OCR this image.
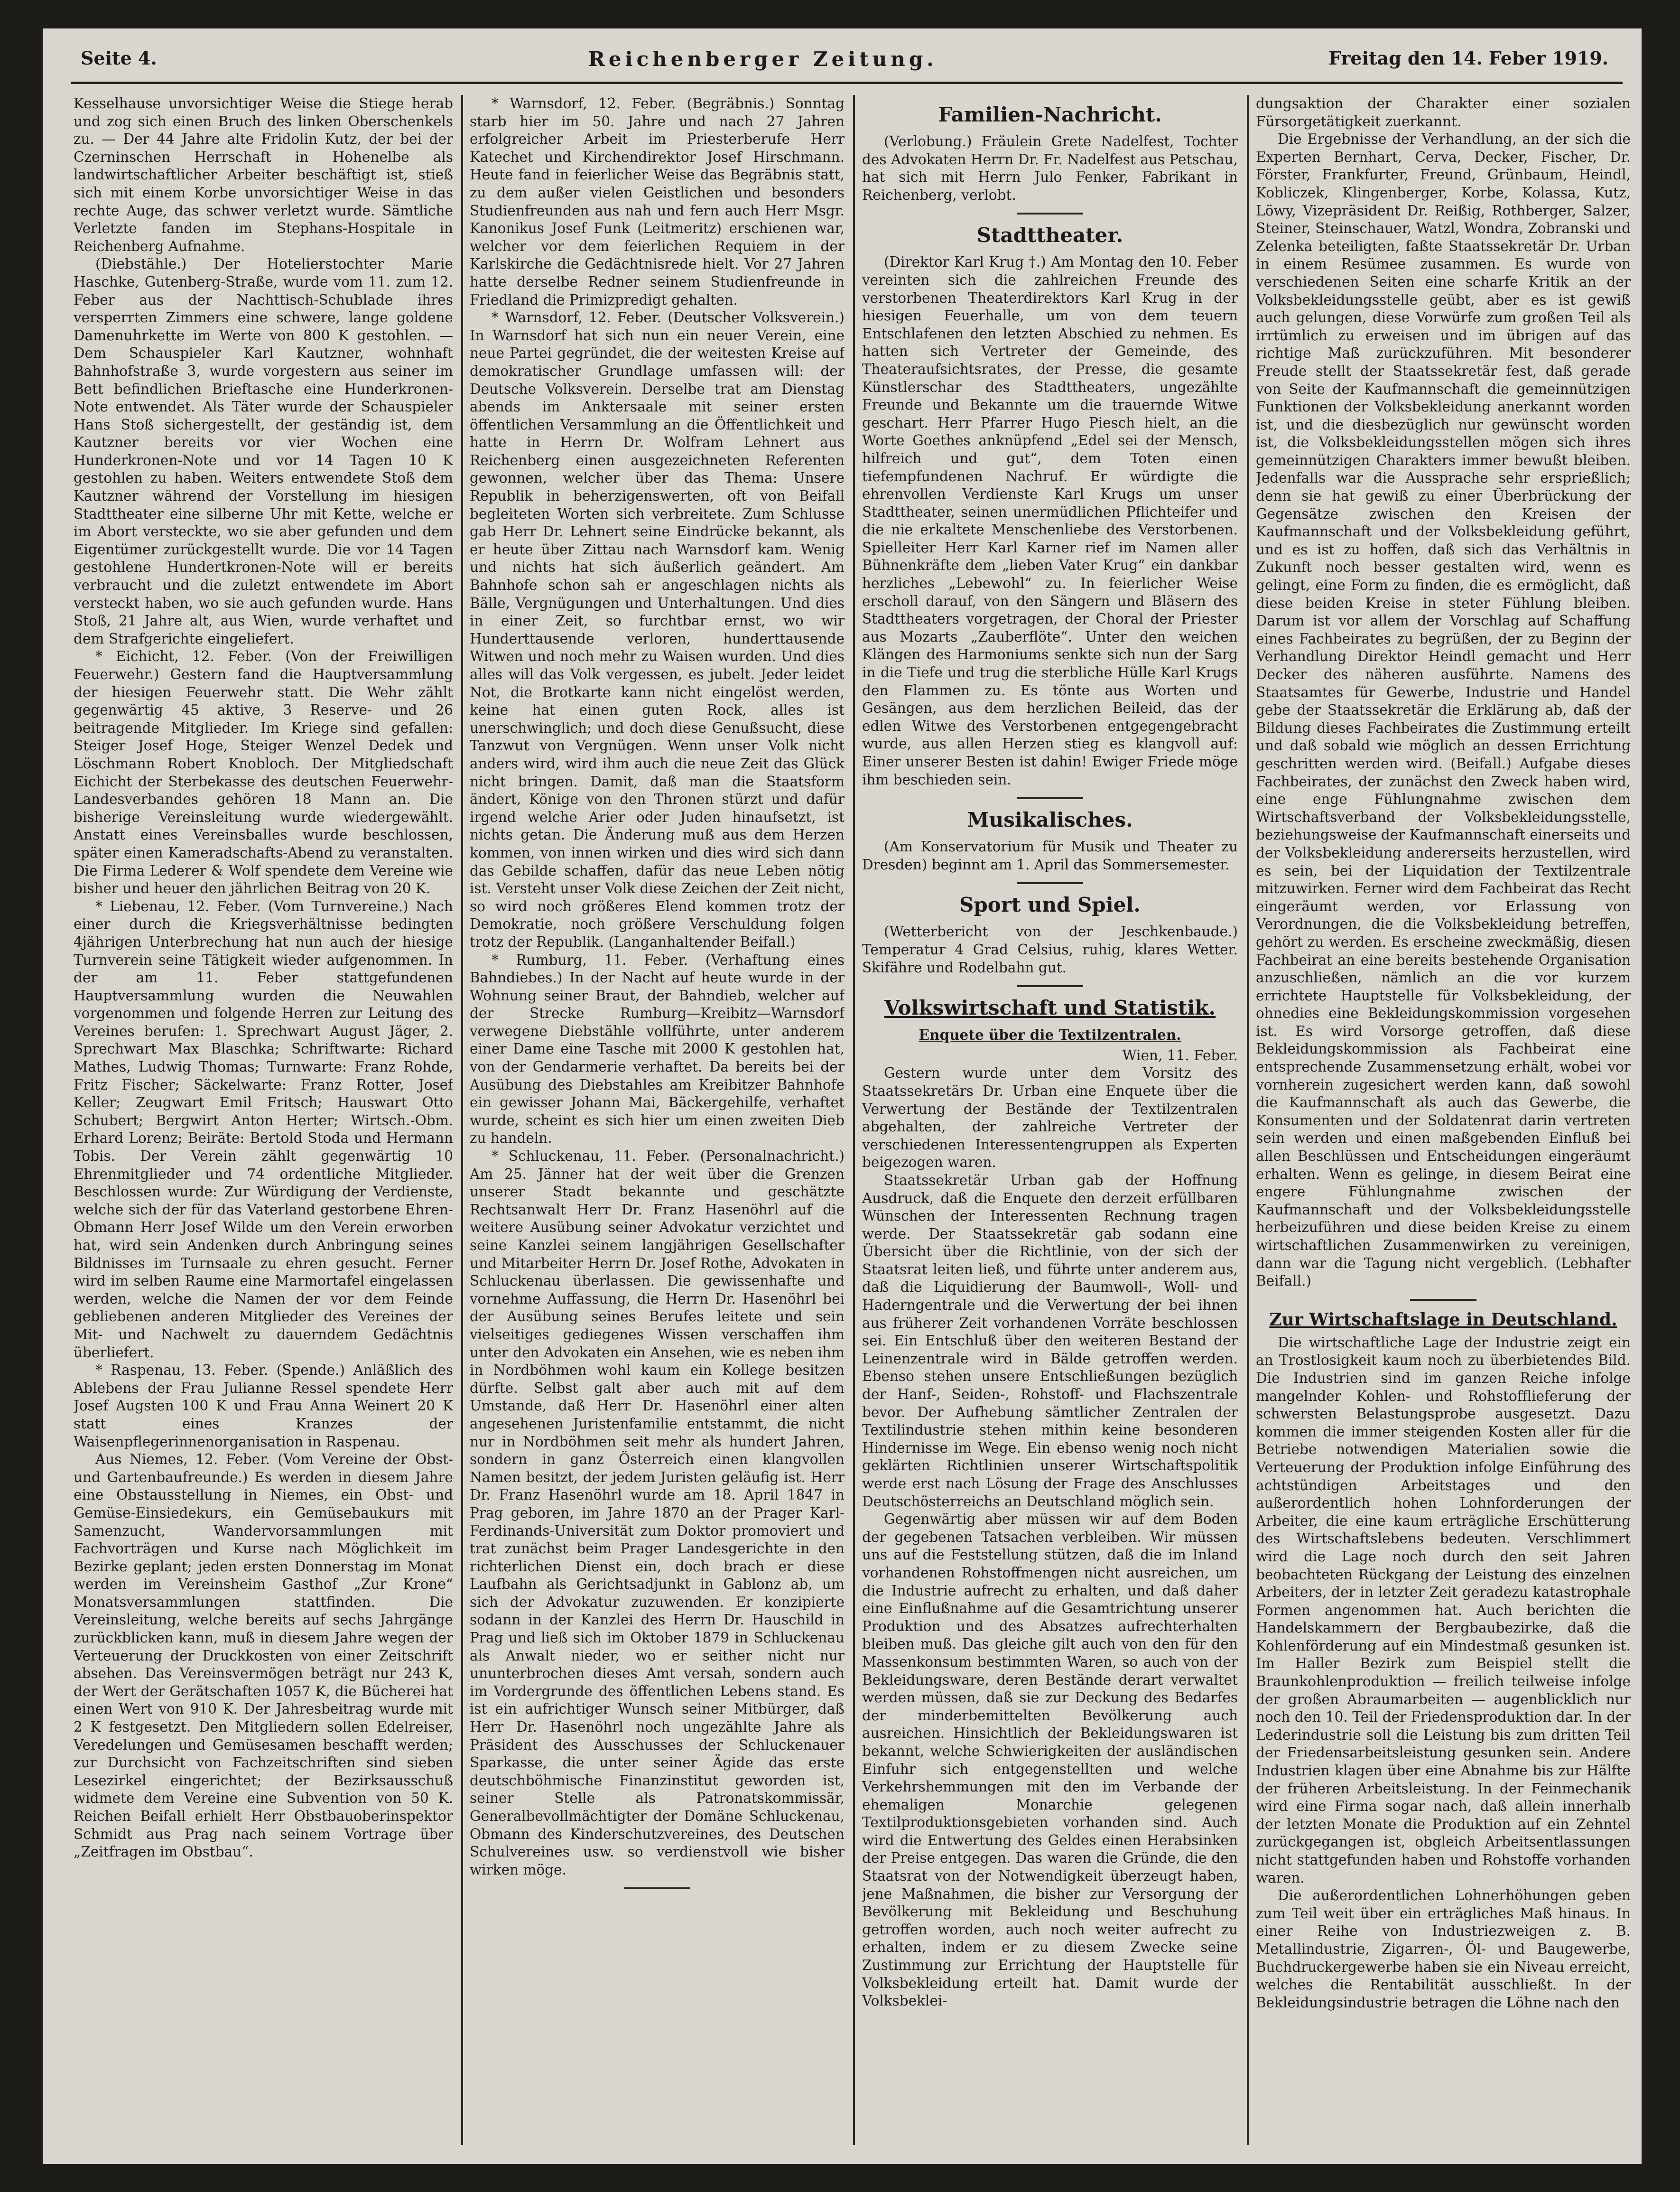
Seite 4.	Reichenberger Zeitung.	Freitag den 14. Feber 1919.

Kesselhause unvorsichtiger Weise die Stiege herab und zog sich einen Bruch des linken Oberschenkels zu. — Der 44 Jahre alte Fridolin Kutz, der bei der Czerninschen Herrschaft in Hohenelbe als landwirtschaftlicher Arbeiter beschäftigt ist, stieß sich mit einem Korbe unvorsichtiger Weise in das rechte Auge, das schwer verletzt wurde. Sämtliche Verletzte fanden im Stephans-Hospitale in Reichenberg Aufnahme.

(Diebstähle.) Der Hotelierstochter Marie Haschke, Gutenberg-Straße, wurde vom 11. zum 12. Feber aus der Nachttisch-Schublade ihres versperrten Zimmers eine schwere, lange goldene Damenuhrkette im Werte von 800 K gestohlen. — Dem Schauspieler Karl Kautzner, wohnhaft Bahnhofstraße 3, wurde vorgestern aus seiner im Bett befindlichen Brieftasche eine Hunderkronen-Note entwendet. Als Täter wurde der Schauspieler Hans Stoß sichergestellt, der geständig ist, dem Kautzner bereits vor vier Wochen eine Hunderkronen-Note und vor 14 Tagen 10 K gestohlen zu haben. Weiters entwendete Stoß dem Kautzner während der Vorstellung im hiesigen Stadttheater eine silberne Uhr mit Kette, welche er im Abort versteckte, wo sie aber gefunden und dem Eigentümer zurückgestellt wurde. Die vor 14 Tagen gestohlene Hundertkronen-Note will er bereits verbraucht und die zuletzt entwendete im Abort versteckt haben, wo sie auch gefunden wurde. Hans Stoß, 21 Jahre alt, aus Wien, wurde verhaftet und dem Strafgerichte eingeliefert.

* Eichicht, 12. Feber. (Von der Freiwilligen Feuerwehr.) Gestern fand die Hauptversammlung der hiesigen Feuerwehr statt. Die Wehr zählt gegenwärtig 45 aktive, 3 Reserve- und 26 beitragende Mitglieder. Im Kriege sind gefallen: Steiger Josef Hoge, Steiger Wenzel Dedek und Löschmann Robert Knobloch. Der Mitgliedschaft Eichicht der Sterbekasse des deutschen Feuerwehr-Landesverbandes gehören 18 Mann an. Die bisherige Vereinsleitung wurde wiedergewählt. Anstatt eines Vereinsballes wurde beschlossen, später einen Kameradschafts-Abend zu veranstalten. Die Firma Lederer & Wolf spendete dem Vereine wie bisher und heuer den jährlichen Beitrag von 20 K.

* Liebenau, 12. Feber. (Vom Turnvereine.) Nach einer durch die Kriegsverhältnisse bedingten 4jährigen Unterbrechung hat nun auch der hiesige Turnverein seine Tätigkeit wieder aufgenommen. In der am 11. Feber stattgefundenen Hauptversammlung wurden die Neuwahlen vorgenommen und folgende Herren zur Leitung des Vereines berufen: 1. Sprechwart August Jäger, 2. Sprechwart Max Blaschka; Schriftwarte: Richard Mathes, Ludwig Thomas; Turnwarte: Franz Rohde, Fritz Fischer; Säckelwarte: Franz Rotter, Josef Keller; Zeugwart Emil Fritsch; Hauswart Otto Schubert; Bergwirt Anton Herter; Wirtsch.-Obm. Erhard Lorenz; Beiräte: Bertold Stoda und Hermann Tobis. Der Verein zählt gegenwärtig 10 Ehrenmitglieder und 74 ordentliche Mitglieder. Beschlossen wurde: Zur Würdigung der Verdienste, welche sich der für das Vaterland gestorbene Ehren-Obmann Herr Josef Wilde um den Verein erworben hat, wird sein Andenken durch Anbringung seines Bildnisses im Turnsaale zu ehren gesucht. Ferner wird im selben Raume eine Marmortafel eingelassen werden, welche die Namen der vor dem Feinde gebliebenen anderen Mitglieder des Vereines der Mit- und Nachwelt zu dauerndem Gedächtnis überliefert.

* Raspenau, 13. Feber. (Spende.) Anläßlich des Ablebens der Frau Julianne Ressel spendete Herr Josef Augsten 100 K und Frau Anna Weinert 20 K statt eines Kranzes der Waisenpflegerinnenorganisation in Raspenau.

Aus Niemes, 12. Feber. (Vom Vereine der Obst- und Gartenbaufreunde.) Es werden in diesem Jahre eine Obstausstellung in Niemes, ein Obst- und Gemüse-Einsiedekurs, ein Gemüsebaukurs mit Samenzucht, Wandervorsammlungen mit Fachvorträgen und Kurse nach Möglichkeit im Bezirke geplant; jeden ersten Donnerstag im Monat werden im Vereinsheim Gasthof „Zur Krone“ Monatsversammlungen stattfinden. Die Vereinsleitung, welche bereits auf sechs Jahrgänge zurückblicken kann, muß in diesem Jahre wegen der Verteuerung der Druckkosten von einer Zeitschrift absehen. Das Vereinsvermögen beträgt nur 243 K, der Wert der Gerätschaften 1057 K, die Bücherei hat einen Wert von 910 K. Der Jahresbeitrag wurde mit 2 K festgesetzt. Den Mitgliedern sollen Edelreiser, Veredelungen und Gemüsesamen beschafft werden; zur Durchsicht von Fachzeitschriften sind sieben Lesezirkel eingerichtet; der Bezirksausschuß widmete dem Vereine eine Subvention von 50 K. Reichen Beifall erhielt Herr Obstbauoberinspektor Schmidt aus Prag nach seinem Vortrage über „Zeitfragen im Obstbau“.

* Warnsdorf, 12. Feber. (Begräbnis.) Sonntag starb hier im 50. Jahre und nach 27 Jahren erfolgreicher Arbeit im Priesterberufe Herr Katechet und Kirchendirektor Josef Hirschmann. Heute fand in feierlicher Weise das Begräbnis statt, zu dem außer vielen Geistlichen und besonders Studienfreunden aus nah und fern auch Herr Msgr. Kanonikus Josef Funk (Leitmeritz) erschienen war, welcher vor dem feierlichen Requiem in der Karlskirche die Gedächtnisrede hielt. Vor 27 Jahren hatte derselbe Redner seinem Studienfreunde in Friedland die Primizpredigt gehalten.

* Warnsdorf, 12. Feber. (Deutscher Volksverein.) In Warnsdorf hat sich nun ein neuer Verein, eine neue Partei gegründet, die der weitesten Kreise auf demokratischer Grundlage umfassen will: der Deutsche Volksverein. Derselbe trat am Dienstag abends im Anktersaale mit seiner ersten öffentlichen Versammlung an die Öffentlichkeit und hatte in Herrn Dr. Wolfram Lehnert aus Reichenberg einen ausgezeichneten Referenten gewonnen, welcher über das Thema: Unsere Republik in beherzigenswerten, oft von Beifall begleiteten Worten sich verbreitete. Zum Schlusse gab Herr Dr. Lehnert seine Eindrücke bekannt, als er heute über Zittau nach Warnsdorf kam. Wenig und nichts hat sich äußerlich geändert. Am Bahnhofe schon sah er angeschlagen nichts als Bälle, Vergnügungen und Unterhaltungen. Und dies in einer Zeit, so furchtbar ernst, wo wir Hunderttausende verloren, hunderttausende Witwen und noch mehr zu Waisen wurden. Und dies alles will das Volk vergessen, es jubelt. Jeder leidet Not, die Brotkarte kann nicht eingelöst werden, keine hat einen guten Rock, alles ist unerschwinglich; und doch diese Genußsucht, diese Tanzwut von Vergnügen. Wenn unser Volk nicht anders wird, wird ihm auch die neue Zeit das Glück nicht bringen. Damit, daß man die Staatsform ändert, Könige von den Thronen stürzt und dafür irgend welche Arier oder Juden hinaufsetzt, ist nichts getan. Die Änderung muß aus dem Herzen kommen, von innen wirken und dies wird sich dann das Gebilde schaffen, dafür das neue Leben nötig ist. Versteht unser Volk diese Zeichen der Zeit nicht, so wird noch größeres Elend kommen trotz der Demokratie, noch größere Verschuldung folgen trotz der Republik. (Langanhaltender Beifall.)

* Rumburg, 11. Feber. (Verhaftung eines Bahndiebes.) In der Nacht auf heute wurde in der Wohnung seiner Braut, der Bahndieb, welcher auf der Strecke Rumburg—Kreibitz—Warnsdorf verwegene Diebstähle vollführte, unter anderem einer Dame eine Tasche mit 2000 K gestohlen hat, von der Gendarmerie verhaftet. Da bereits bei der Ausübung des Diebstahles am Kreibitzer Bahnhofe ein gewisser Johann Mai, Bäckergehilfe, verhaftet wurde, scheint es sich hier um einen zweiten Dieb zu handeln.

* Schluckenau, 11. Feber. (Personalnachricht.) Am 25. Jänner hat der weit über die Grenzen unserer Stadt bekannte und geschätzte Rechtsanwalt Herr Dr. Franz Hasenöhrl auf die weitere Ausübung seiner Advokatur verzichtet und seine Kanzlei seinem langjährigen Gesellschafter und Mitarbeiter Herrn Dr. Josef Rothe, Advokaten in Schluckenau überlassen. Die gewissenhafte und vornehme Auffassung, die Herrn Dr. Hasenöhrl bei der Ausübung seines Berufes leitete und sein vielseitiges gediegenes Wissen verschaffen ihm unter den Advokaten ein Ansehen, wie es neben ihm in Nordböhmen wohl kaum ein Kollege besitzen dürfte. Selbst galt aber auch mit auf dem Umstande, daß Herr Dr. Hasenöhrl einer alten angesehenen Juristenfamilie entstammt, die nicht nur in Nordböhmen seit mehr als hundert Jahren, sondern in ganz Österreich einen klangvollen Namen besitzt, der jedem Juristen geläufig ist. Herr Dr. Franz Hasenöhrl wurde am 18. April 1847 in Prag geboren, im Jahre 1870 an der Prager Karl-Ferdinands-Universität zum Doktor promoviert und trat zunächst beim Prager Landesgerichte in den richterlichen Dienst ein, doch brach er diese Laufbahn als Gerichtsadjunkt in Gablonz ab, um sich der Advokatur zuzuwenden. Er konzipierte sodann in der Kanzlei des Herrn Dr. Hauschild in Prag und ließ sich im Oktober 1879 in Schluckenau als Anwalt nieder, wo er seither nicht nur ununterbrochen dieses Amt versah, sondern auch im Vordergrunde des öffentlichen Lebens stand. Es ist ein aufrichtiger Wunsch seiner Mitbürger, daß Herr Dr. Hasenöhrl noch ungezählte Jahre als Präsident des Ausschusses der Schluckenauer Sparkasse, die unter seiner Ägide das erste deutschböhmische Finanzinstitut geworden ist, seiner Stelle als Patronatskommissär, Generalbevollmächtigter der Domäne Schluckenau, Obmann des Kinderschutzvereines, des Deutschen Schulvereines usw. so verdienstvoll wie bisher wirken möge.

Familien-Nachricht.

(Verlobung.) Fräulein Grete Nadelfest, Tochter des Advokaten Herrn Dr. Fr. Nadelfest aus Petschau, hat sich mit Herrn Julo Fenker, Fabrikant in Reichenberg, verlobt.

Stadttheater.

(Direktor Karl Krug †.) Am Montag den 10. Feber vereinten sich die zahlreichen Freunde des verstorbenen Theaterdirektors Karl Krug in der hiesigen Feuerhalle, um von dem teuern Entschlafenen den letzten Abschied zu nehmen. Es hatten sich Vertreter der Gemeinde, des Theateraufsichtsrates, der Presse, die gesamte Künstlerschar des Stadttheaters, ungezählte Freunde und Bekannte um die trauernde Witwe geschart. Herr Pfarrer Hugo Piesch hielt, an die Worte Goethes anknüpfend „Edel sei der Mensch, hilfreich und gut“, dem Toten einen tiefempfundenen Nachruf. Er würdigte die ehrenvollen Verdienste Karl Krugs um unser Stadttheater, seinen unermüdlichen Pflichteifer und die nie erkaltete Menschenliebe des Verstorbenen. Spielleiter Herr Karl Karner rief im Namen aller Bühnenkräfte dem „lieben Vater Krug“ ein dankbar herzliches „Lebewohl“ zu. In feierlicher Weise erscholl darauf, von den Sängern und Bläsern des Stadttheaters vorgetragen, der Choral der Priester aus Mozarts „Zauberflöte“. Unter den weichen Klängen des Harmoniums senkte sich nun der Sarg in die Tiefe und trug die sterbliche Hülle Karl Krugs den Flammen zu. Es tönte aus Worten und Gesängen, aus dem herzlichen Beileid, das der edlen Witwe des Verstorbenen entgegengebracht wurde, aus allen Herzen stieg es klangvoll auf: Einer unserer Besten ist dahin! Ewiger Friede möge ihm beschieden sein.

Musikalisches.

(Am Konservatorium für Musik und Theater zu Dresden) beginnt am 1. April das Sommersemester.

Sport und Spiel.

(Wetterbericht von der Jeschkenbaude.) Temperatur 4 Grad Celsius, ruhig, klares Wetter. Skifähre und Rodelbahn gut.

Volkswirtschaft und Statistik.
Enquete über die Textilzentralen.
Wien, 11. Feber.

Gestern wurde unter dem Vorsitz des Staatssekretärs Dr. Urban eine Enquete über die Verwertung der Bestände der Textilzentralen abgehalten, der zahlreiche Vertreter der verschiedenen Interessentengruppen als Experten beigezogen waren.

Staatssekretär Urban gab der Hoffnung Ausdruck, daß die Enquete den derzeit erfüllbaren Wünschen der Interessenten Rechnung tragen werde. Der Staatssekretär gab sodann eine Übersicht über die Richtlinie, von der sich der Staatsrat leiten ließ, und führte unter anderem aus, daß die Liquidierung der Baumwoll-, Woll- und Haderngentrale und die Verwertung der bei ihnen aus früherer Zeit vorhandenen Vorräte beschlossen sei. Ein Entschluß über den weiteren Bestand der Leinenzentrale wird in Bälde getroffen werden. Ebenso stehen unsere Entschließungen bezüglich der Hanf-, Seiden-, Rohstoff- und Flachszentrale bevor. Der Aufhebung sämtlicher Zentralen der Textilindustrie stehen mithin keine besonderen Hindernisse im Wege. Ein ebenso wenig noch nicht geklärten Richtlinien unserer Wirtschaftspolitik werde erst nach Lösung der Frage des Anschlusses Deutschösterreichs an Deutschland möglich sein.

Gegenwärtig aber müssen wir auf dem Boden der gegebenen Tatsachen verbleiben. Wir müssen uns auf die Feststellung stützen, daß die im Inland vorhandenen Rohstoffmengen nicht ausreichen, um die Industrie aufrecht zu erhalten, und daß daher eine Einflußnahme auf die Gesamtrichtung unserer Produktion und des Absatzes aufrechterhalten bleiben muß. Das gleiche gilt auch von den für den Massenkonsum bestimmten Waren, so auch von der Bekleidungsware, deren Bestände derart verwaltet werden müssen, daß sie zur Deckung des Bedarfes der minderbemittelten Bevölkerung auch ausreichen. Hinsichtlich der Bekleidungswaren ist bekannt, welche Schwierigkeiten der ausländischen Einfuhr sich entgegenstellten und welche Verkehrshemmungen mit den im Verbande der ehemaligen Monarchie gelegenen Textilproduktionsgebieten vorhanden sind. Auch wird die Entwertung des Geldes einen Herabsinken der Preise entgegen. Das waren die Gründe, die den Staatsrat von der Notwendigkeit überzeugt haben, jene Maßnahmen, die bisher zur Versorgung der Bevölkerung mit Bekleidung und Beschuhung getroffen worden, auch noch weiter aufrecht zu erhalten, indem er zu diesem Zwecke seine Zustimmung zur Errichtung der Hauptstelle für Volksbekleidung erteilt hat. Damit wurde der Volksbeklei-

dungsaktion der Charakter einer sozialen Fürsorgetätigkeit zuerkannt.

Die Ergebnisse der Verhandlung, an der sich die Experten Bernhart, Cerva, Decker, Fischer, Dr. Förster, Frankfurter, Freund, Grünbaum, Heindl, Kobliczek, Klingenberger, Korbe, Kolassa, Kutz, Löwy, Vizepräsident Dr. Reißig, Rothberger, Salzer, Steiner, Steinschauer, Watzl, Wondra, Zobranski und Zelenka beteiligten, faßte Staatssekretär Dr. Urban in einem Resümee zusammen. Es wurde von verschiedenen Seiten eine scharfe Kritik an der Volksbekleidungsstelle geübt, aber es ist gewiß auch gelungen, diese Vorwürfe zum großen Teil als irrtümlich zu erweisen und im übrigen auf das richtige Maß zurückzuführen. Mit besonderer Freude stellt der Staatssekretär fest, daß gerade von Seite der Kaufmannschaft die gemeinnützigen Funktionen der Volksbekleidung anerkannt worden ist, und die diesbezüglich nur gewünscht worden ist, die Volksbekleidungsstellen mögen sich ihres gemeinnützigen Charakters immer bewußt bleiben. Jedenfalls war die Aussprache sehr ersprießlich; denn sie hat gewiß zu einer Überbrückung der Gegensätze zwischen den Kreisen der Kaufmannschaft und der Volksbekleidung geführt, und es ist zu hoffen, daß sich das Verhältnis in Zukunft noch besser gestalten wird, wenn es gelingt, eine Form zu finden, die es ermöglicht, daß diese beiden Kreise in steter Fühlung bleiben. Darum ist vor allem der Vorschlag auf Schaffung eines Fachbeirates zu begrüßen, der zu Beginn der Verhandlung Direktor Heindl gemacht und Herr Decker des näheren ausführte. Namens des Staatsamtes für Gewerbe, Industrie und Handel gebe der Staatssekretär die Erklärung ab, daß der Bildung dieses Fachbeirates die Zustimmung erteilt und daß sobald wie möglich an dessen Errichtung geschritten werden wird. (Beifall.) Aufgabe dieses Fachbeirates, der zunächst den Zweck haben wird, eine enge Fühlungnahme zwischen dem Wirtschaftsverband der Volksbekleidungsstelle, beziehungsweise der Kaufmannschaft einerseits und der Volksbekleidung andererseits herzustellen, wird es sein, bei der Liquidation der Textilzentrale mitzuwirken. Ferner wird dem Fachbeirat das Recht eingeräumt werden, vor Erlassung von Verordnungen, die die Volksbekleidung betreffen, gehört zu werden. Es erscheine zweckmäßig, diesen Fachbeirat an eine bereits bestehende Organisation anzuschließen, nämlich an die vor kurzem errichtete Hauptstelle für Volksbekleidung, der ohnedies eine Bekleidungskommission vorgesehen ist. Es wird Vorsorge getroffen, daß diese Bekleidungskommission als Fachbeirat eine entsprechende Zusammensetzung erhält, wobei vor vornherein zugesichert werden kann, daß sowohl die Kaufmannschaft als auch das Gewerbe, die Konsumenten und der Soldatenrat darin vertreten sein werden und einen maßgebenden Einfluß bei allen Beschlüssen und Entscheidungen eingeräumt erhalten. Wenn es gelinge, in diesem Beirat eine engere Fühlungnahme zwischen der Kaufmannschaft und der Volksbekleidungsstelle herbeizuführen und diese beiden Kreise zu einem wirtschaftlichen Zusammenwirken zu vereinigen, dann war die Tagung nicht vergeblich. (Lebhafter Beifall.)

Zur Wirtschaftslage in Deutschland.

Die wirtschaftliche Lage der Industrie zeigt ein an Trostlosigkeit kaum noch zu überbietendes Bild. Die Industrien sind im ganzen Reiche infolge mangelnder Kohlen- und Rohstofflieferung der schwersten Belastungsprobe ausgesetzt. Dazu kommen die immer steigenden Kosten aller für die Betriebe notwendigen Materialien sowie die Verteuerung der Produktion infolge Einführung des achtstündigen Arbeitstages und den außerordentlich hohen Lohnforderungen der Arbeiter, die eine kaum erträgliche Erschütterung des Wirtschaftslebens bedeuten. Verschlimmert wird die Lage noch durch den seit Jahren beobachteten Rückgang der Leistung des einzelnen Arbeiters, der in letzter Zeit geradezu katastrophale Formen angenommen hat. Auch berichten die Handelskammern der Bergbaubezirke, daß die Kohlenförderung auf ein Mindestmaß gesunken ist. Im Haller Bezirk zum Beispiel stellt die Braunkohlenproduktion — freilich teilweise infolge der großen Abraumarbeiten — augenblicklich nur noch den 10. Teil der Friedensproduktion dar. In der Lederindustrie soll die Leistung bis zum dritten Teil der Friedensarbeitsleistung gesunken sein. Andere Industrien klagen über eine Abnahme bis zur Hälfte der früheren Arbeitsleistung. In der Feinmechanik wird eine Firma sogar nach, daß allein innerhalb der letzten Monate die Produktion auf ein Zehntel zurückgegangen ist, obgleich Arbeitsentlassungen nicht stattgefunden haben und Rohstoffe vorhanden waren.

Die außerordentlichen Lohnerhöhungen geben zum Teil weit über ein erträgliches Maß hinaus. In einer Reihe von Industriezweigen z. B. Metallindustrie, Zigarren-, Öl- und Baugewerbe, Buchdruckergewerbe haben sie ein Niveau erreicht, welches die Rentabilität ausschließt. In der Bekleidungsindustrie betragen die Löhne nach den
